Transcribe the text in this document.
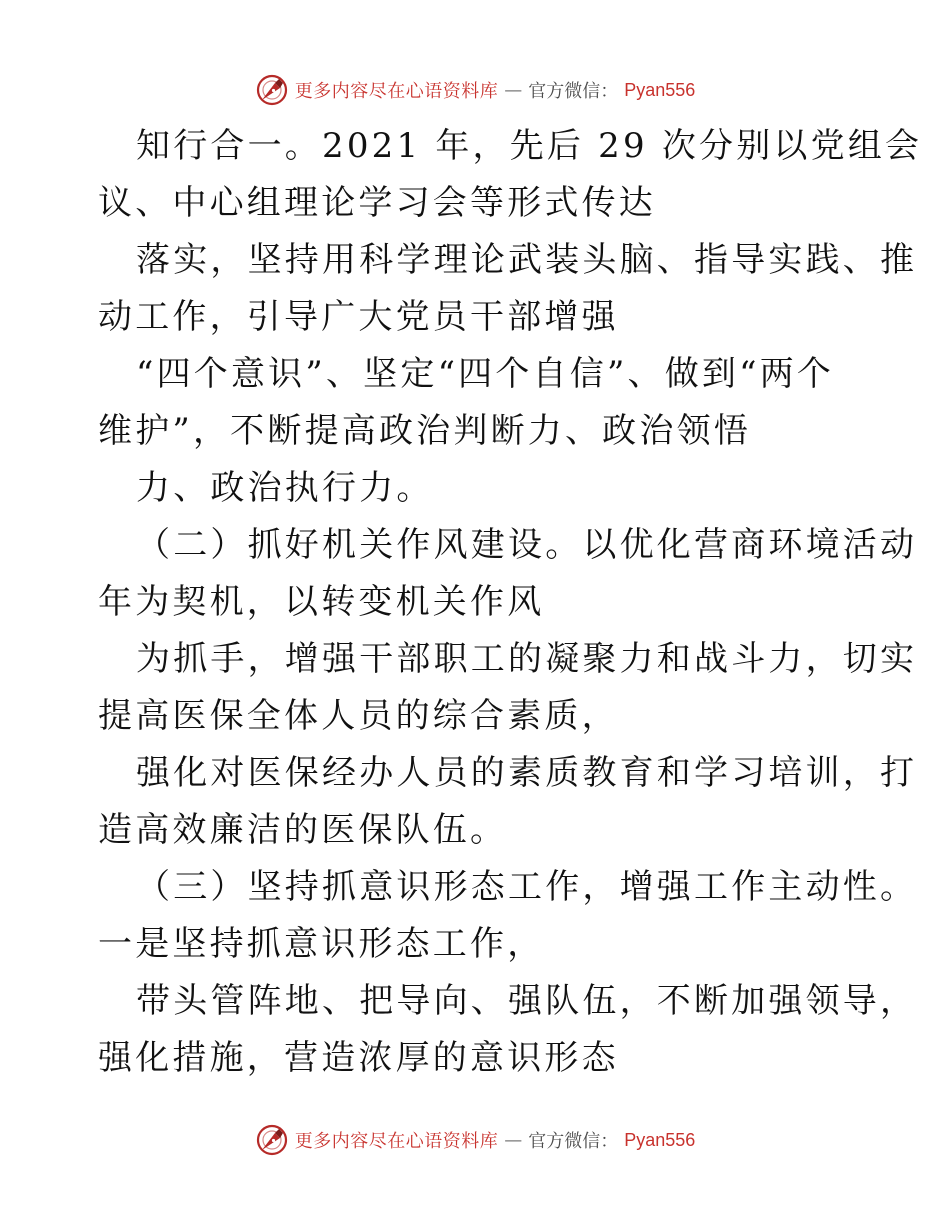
更多内容尽在心语资料库 — 官方微信： Pyan556
知行合一。2021 年，先后 29 次分别以党组会
议、中心组理论学习会等形式传达
落实，坚持用科学理论武装头脑、指导实践、推
动工作，引导广大党员干部增强
“四个意识”、坚定“四个自信”、做到“两个
维护”，不断提高政治判断力、政治领悟
力、政治执行力。
（二）抓好机关作风建设。以优化营商环境活动
年为契机，以转变机关作风
为抓手，增强干部职工的凝聚力和战斗力，切实
提高医保全体人员的综合素质，
强化对医保经办人员的素质教育和学习培训，打
造高效廉洁的医保队伍。
（三）坚持抓意识形态工作，增强工作主动性。
一是坚持抓意识形态工作，
带头管阵地、把导向、强队伍，不断加强领导，
强化措施，营造浓厚的意识形态
更多内容尽在心语资料库 — 官方微信： Pyan556
